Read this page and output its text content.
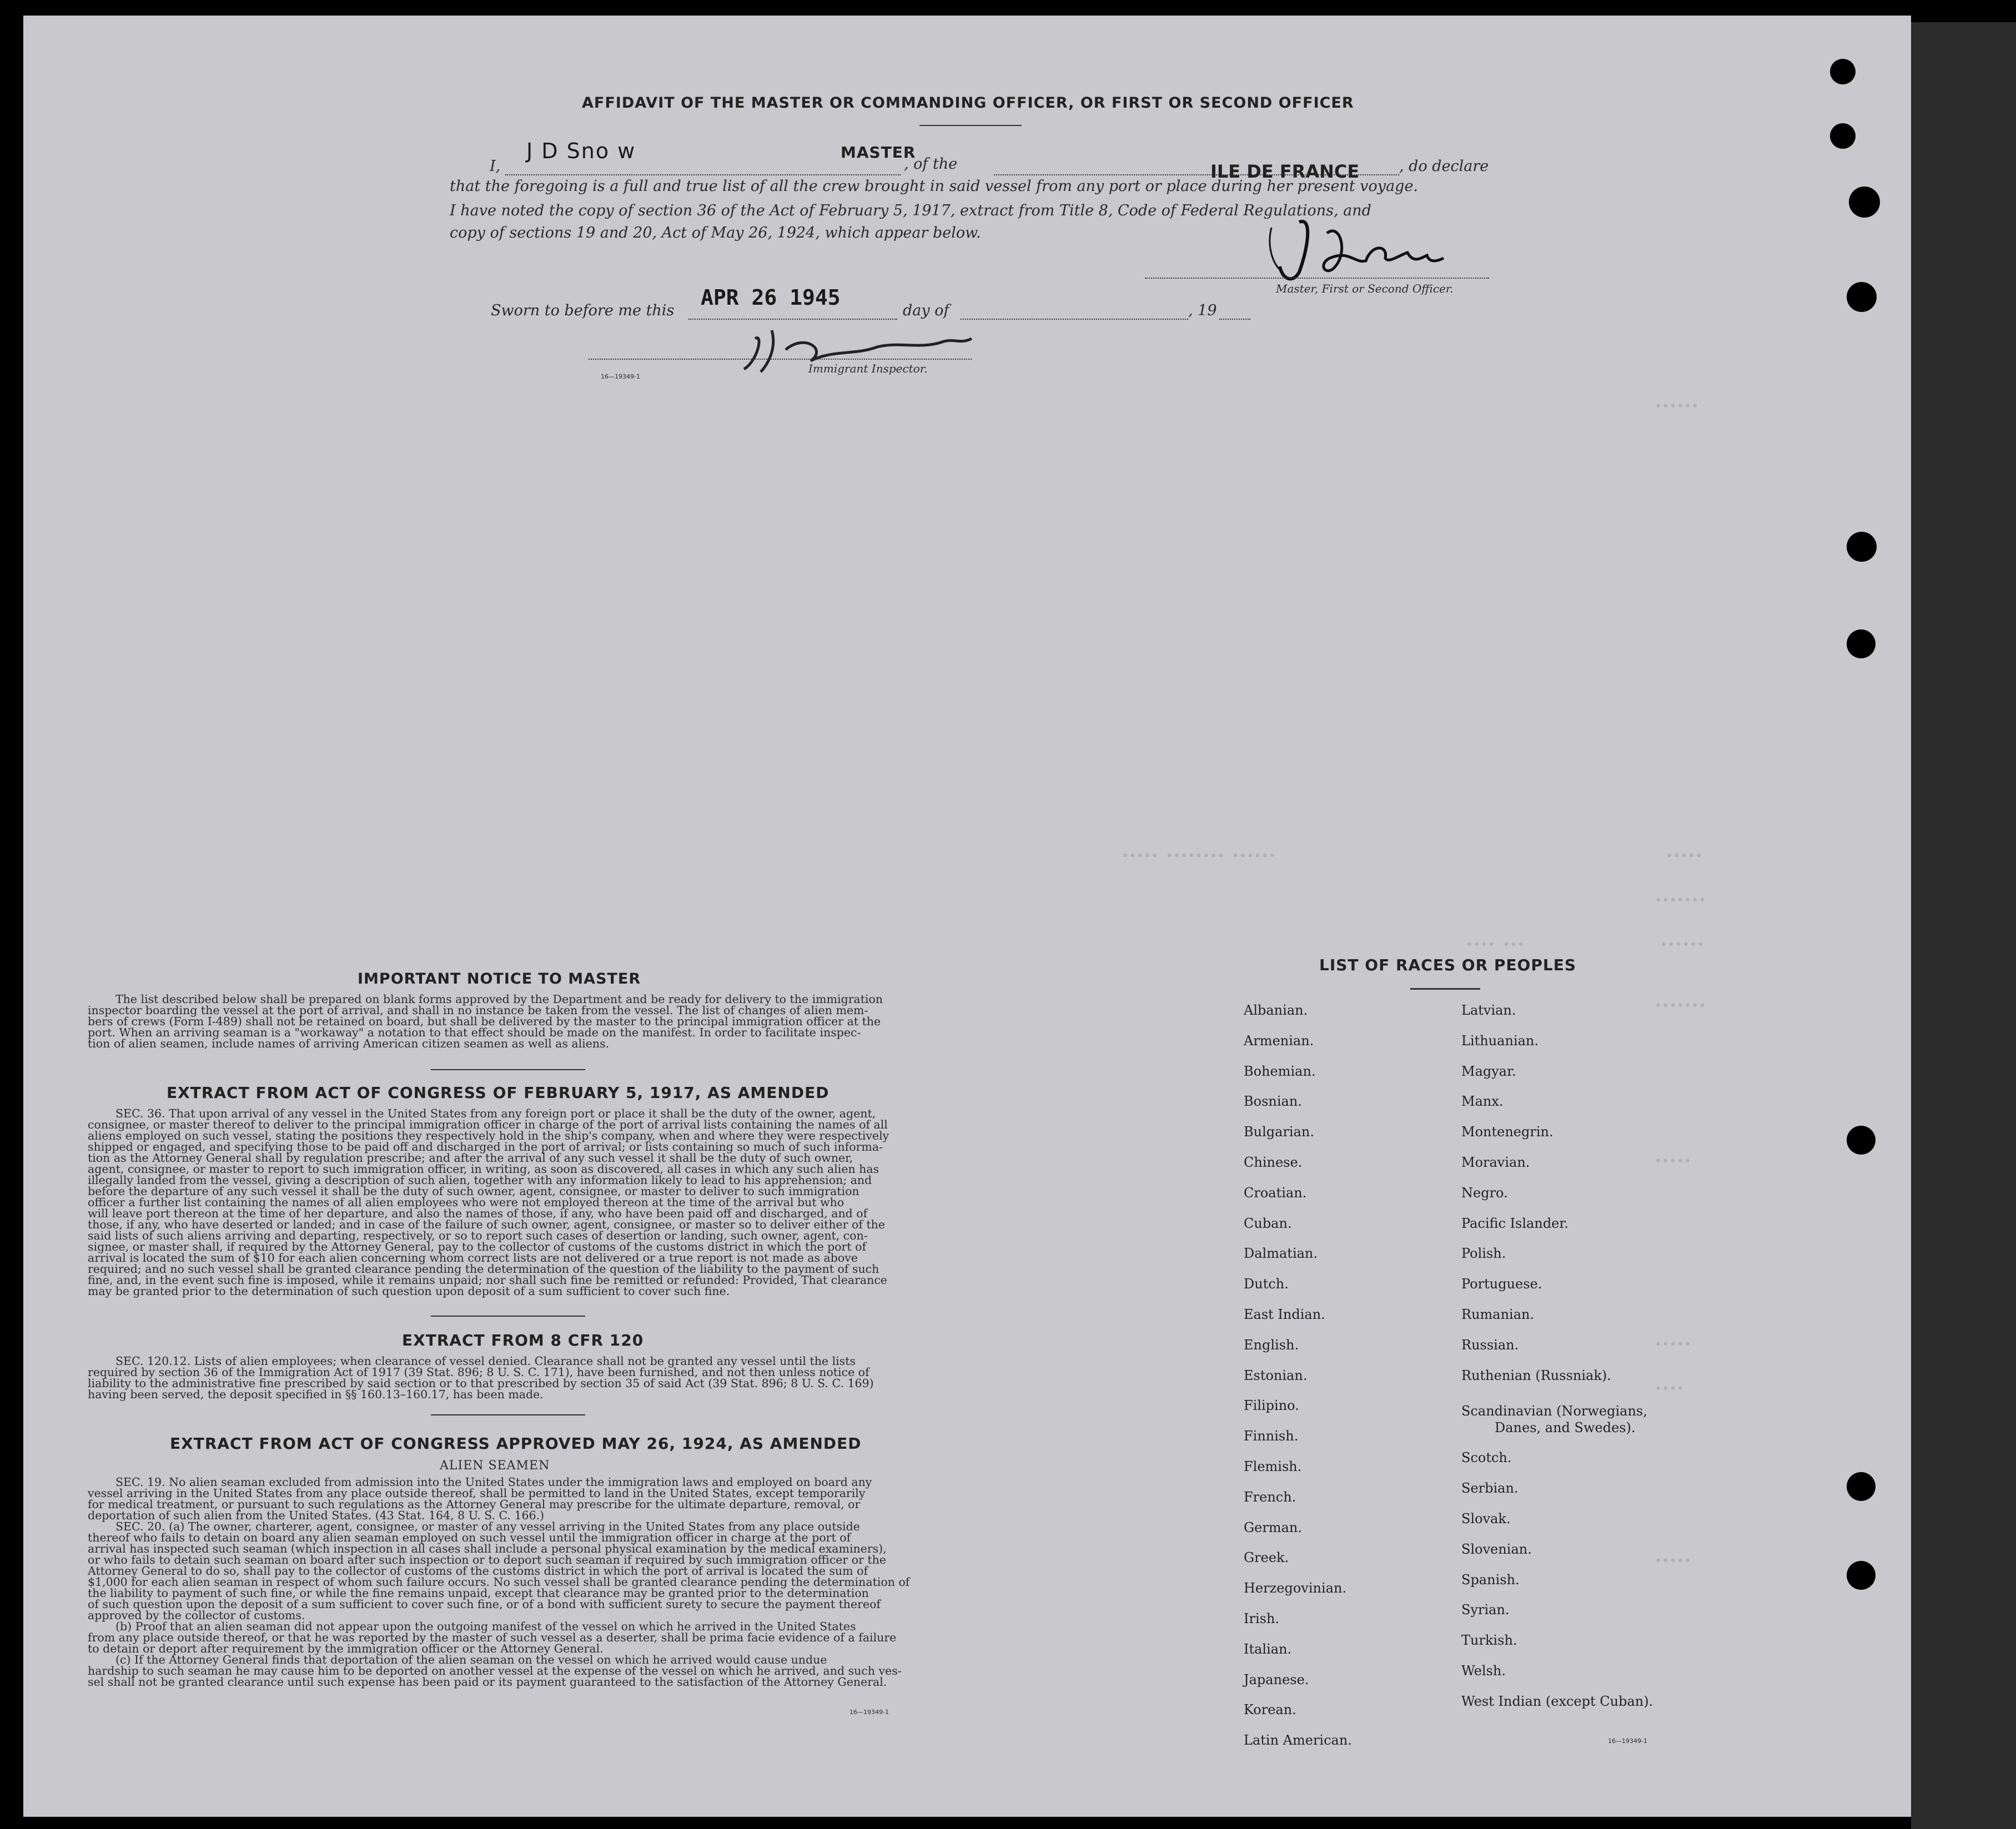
••••••
••••• •••••••• ••••••	•••••
•••••••
•••• •••	••••••
•••••••
•••••
•••••
••••
•••••
AFFIDAVIT OF THE MASTER OR COMMANDING OFFICER, OR FIRST OR SECOND OFFICER
I,
J D Sno w	MASTER
, of the	ILE DE FRANCE	, do declare
that the foregoing is a full and true list of all the crew brought in said vessel from any port or place during her present voyage.
I have noted the copy of section 36 of the Act of February 5, 1917, extract from Title 8, Code of Federal Regulations, and
copy of sections 19 and 20, Act of May 26, 1924, which appear below.
Master, First or Second Officer.
Sworn to before me this
APR 26 1945
day of	, 19
Immigrant Inspector.
16—19349-1
IMPORTANT NOTICE TO MASTER
The list described below shall be prepared on blank forms approved by the Department and be ready for delivery to the immigration
inspector boarding the vessel at the port of arrival, and shall in no instance be taken from the vessel. The list of changes of alien mem-
bers of crews (Form I-489) shall not be retained on board, but shall be delivered by the master to the principal immigration officer at the
port. When an arriving seaman is a "workaway" a notation to that effect should be made on the manifest. In order to facilitate inspec-
tion of alien seamen, include names of arriving American citizen seamen as well as aliens.
EXTRACT FROM ACT OF CONGRESS OF FEBRUARY 5, 1917, AS AMENDED
SEC. 36. That upon arrival of any vessel in the United States from any foreign port or place it shall be the duty of the owner, agent,
consignee, or master thereof to deliver to the principal immigration officer in charge of the port of arrival lists containing the names of all
aliens employed on such vessel, stating the positions they respectively hold in the ship's company, when and where they were respectively
shipped or engaged, and specifying those to be paid off and discharged in the port of arrival; or lists containing so much of such informa-
tion as the Attorney General shall by regulation prescribe; and after the arrival of any such vessel it shall be the duty of such owner,
agent, consignee, or master to report to such immigration officer, in writing, as soon as discovered, all cases in which any such alien has
illegally landed from the vessel, giving a description of such alien, together with any information likely to lead to his apprehension; and
before the departure of any such vessel it shall be the duty of such owner, agent, consignee, or master to deliver to such immigration
officer a further list containing the names of all alien employees who were not employed thereon at the time of the arrival but who
will leave port thereon at the time of her departure, and also the names of those, if any, who have been paid off and discharged, and of
those, if any, who have deserted or landed; and in case of the failure of such owner, agent, consignee, or master so to deliver either of the
said lists of such aliens arriving and departing, respectively, or so to report such cases of desertion or landing, such owner, agent, con-
signee, or master shall, if required by the Attorney General, pay to the collector of customs of the customs district in which the port of
arrival is located the sum of $10 for each alien concerning whom correct lists are not delivered or a true report is not made as above
required; and no such vessel shall be granted clearance pending the determination of the question of the liability to the payment of such
fine, and, in the event such fine is imposed, while it remains unpaid; nor shall such fine be remitted or refunded: Provided, That clearance
may be granted prior to the determination of such question upon deposit of a sum sufficient to cover such fine.
EXTRACT FROM 8 CFR 120
SEC. 120.12. Lists of alien employees; when clearance of vessel denied. Clearance shall not be granted any vessel until the lists
required by section 36 of the Immigration Act of 1917 (39 Stat. 896; 8 U. S. C. 171), have been furnished, and not then unless notice of
liability to the administrative fine prescribed by said section or to that prescribed by section 35 of said Act (39 Stat. 896; 8 U. S. C. 169)
having been served, the deposit specified in §§ 160.13–160.17, has been made.
EXTRACT FROM ACT OF CONGRESS APPROVED MAY 26, 1924, AS AMENDED
ALIEN SEAMEN
SEC. 19. No alien seaman excluded from admission into the United States under the immigration laws and employed on board any
vessel arriving in the United States from any place outside thereof, shall be permitted to land in the United States, except temporarily
for medical treatment, or pursuant to such regulations as the Attorney General may prescribe for the ultimate departure, removal, or
deportation of such alien from the United States. (43 Stat. 164, 8 U. S. C. 166.)
SEC. 20. (a) The owner, charterer, agent, consignee, or master of any vessel arriving in the United States from any place outside
thereof who fails to detain on board any alien seaman employed on such vessel until the immigration officer in charge at the port of
arrival has inspected such seaman (which inspection in all cases shall include a personal physical examination by the medical examiners),
or who fails to detain such seaman on board after such inspection or to deport such seaman if required by such immigration officer or the
Attorney General to do so, shall pay to the collector of customs of the customs district in which the port of arrival is located the sum of
$1,000 for each alien seaman in respect of whom such failure occurs. No such vessel shall be granted clearance pending the determination of
the liability to payment of such fine, or while the fine remains unpaid, except that clearance may be granted prior to the determination
of such question upon the deposit of a sum sufficient to cover such fine, or of a bond with sufficient surety to secure the payment thereof
approved by the collector of customs.
(b) Proof that an alien seaman did not appear upon the outgoing manifest of the vessel on which he arrived in the United States
from any place outside thereof, or that he was reported by the master of such vessel as a deserter, shall be prima facie evidence of a failure
to detain or deport after requirement by the immigration officer or the Attorney General.
(c) If the Attorney General finds that deportation of the alien seaman on the vessel on which he arrived would cause undue
hardship to such seaman he may cause him to be deported on another vessel at the expense of the vessel on which he arrived, and such ves-
sel shall not be granted clearance until such expense has been paid or its payment guaranteed to the satisfaction of the Attorney General.
16—19349-1
LIST OF RACES OR PEOPLES
Albanian.
Armenian.
Bohemian.
Bosnian.
Bulgarian.
Chinese.
Croatian.
Cuban.
Dalmatian.
Dutch.
East Indian.
English.
Estonian.
Filipino.
Finnish.
Flemish.
French.
German.
Greek.
Herzegovinian.
Irish.
Italian.
Japanese.
Korean.
Latin American.
Latvian.
Lithuanian.
Magyar.
Manx.
Montenegrin.
Moravian.
Negro.
Pacific Islander.
Polish.
Portuguese.
Rumanian.
Russian.
Ruthenian (Russniak).
Scandinavian (Norwegians,
Danes, and Swedes).
Scotch.
Serbian.
Slovak.
Slovenian.
Spanish.
Syrian.
Turkish.
Welsh.
West Indian (except Cuban).
16—19349-1
